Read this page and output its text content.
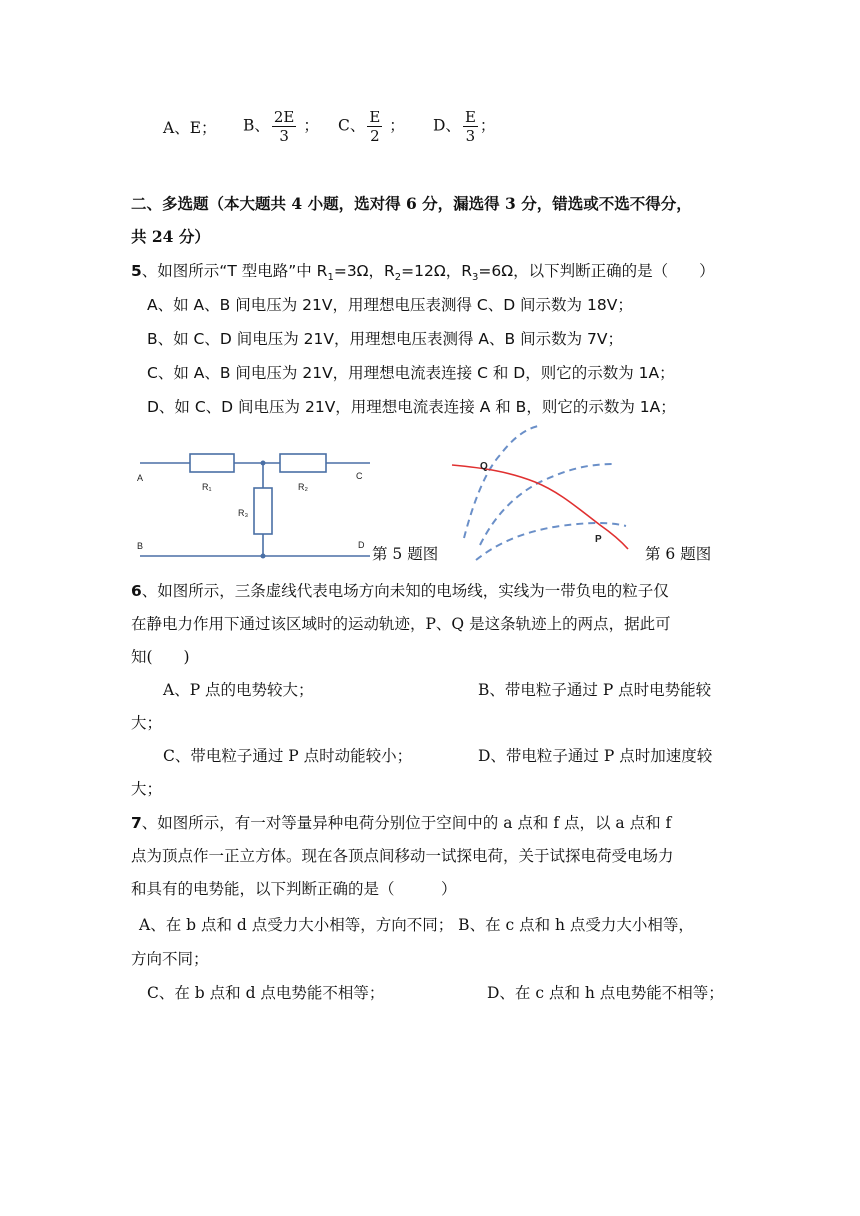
A、E； B、 $\frac{2E}{3}$ ； C、 $\frac{E}{2}$ ； D、 $\frac{E}{3}$ ；
二、多选题（本大题共 4 小题，选对得 6 分，漏选得 3 分，错选或不选不得分，
共 24 分）
5、如图所示“T 型电路”中 $R_1=3\Omega$，$R_2=12\Omega$，$R_3=6\Omega$，以下判断正确的是（　　）
A、如 A、B 间电压为 21V，用理想电压表测得 C、D 间示数为 18V；
B、如 C、D 间电压为 21V，用理想电压表测得 A、B 间示数为 7V；
C、如 A、B 间电压为 21V，用理想电流表连接 C 和 D，则它的示数为 1A；
D、如 C、D 间电压为 21V，用理想电流表连接 A 和 B，则它的示数为 1A；
A
B
C
D
R₁	R₂
R₃
第 5 题图
Q
P
第 6 题图
6、如图所示，三条虚线代表电场方向未知的电场线，实线为一带负电的粒子仅
在静电力作用下通过该区域时的运动轨迹，P、Q 是这条轨迹上的两点，据此可
知(　　)
A、P 点的电势较大；	B、带电粒子通过 P 点时电势能较
大；
C、带电粒子通过 P 点时动能较小；	D、带电粒子通过 P 点时加速度较
大；
7、如图所示，有一对等量异种电荷分别位于空间中的 a 点和 f 点，以 a 点和 f
点为顶点作一正立方体。现在各顶点间移动一试探电荷，关于试探电荷受电场力
和具有的电势能，以下判断正确的是（　　　）
A、在 b 点和 d 点受力大小相等，方向不同； B、在 c 点和 h 点受力大小相等，
方向不同；
C、在 b 点和 d 点电势能不相等；	D、在 c 点和 h 点电势能不相等；
